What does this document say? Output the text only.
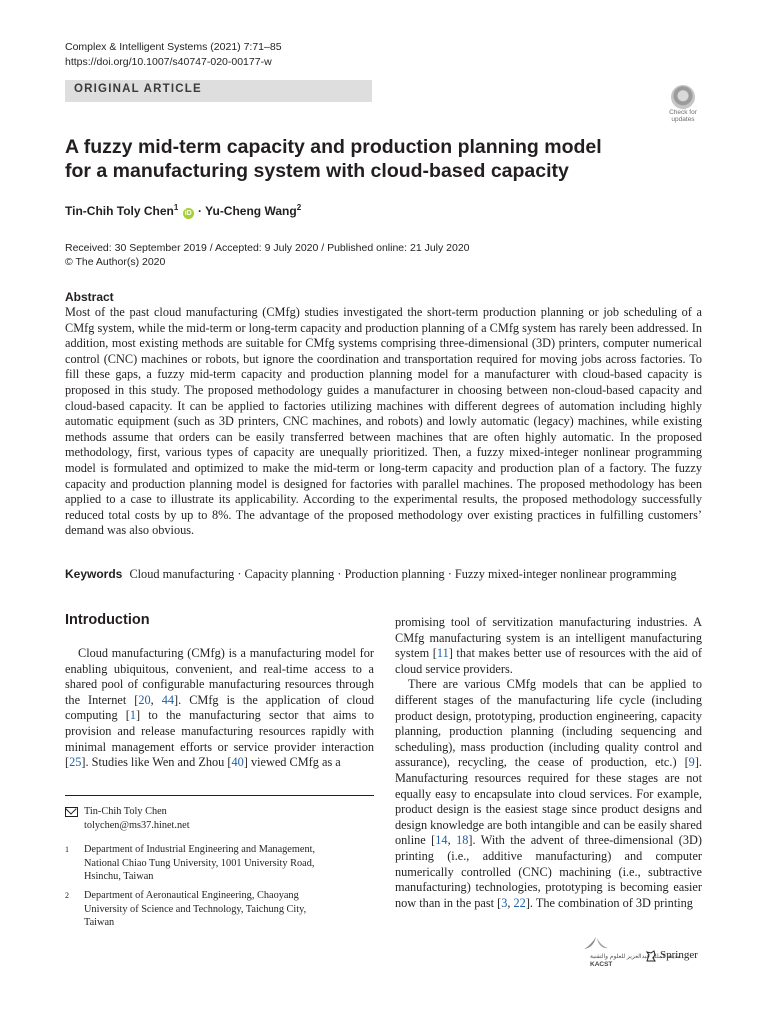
Complex & Intelligent Systems (2021) 7:71–85
https://doi.org/10.1007/s40747-020-00177-w
ORIGINAL ARTICLE
Check for updates
A fuzzy mid-term capacity and production planning model for a manufacturing system with cloud-based capacity
Tin-Chih Toly Chen$^1$ iD · Yu-Cheng Wang$^2$
Received: 30 September 2019 / Accepted: 9 July 2020 / Published online: 21 July 2020
© The Author(s) 2020
Abstract
Most of the past cloud manufacturing (CMfg) studies investigated the short-term production planning or job scheduling of a CMfg system, while the mid-term or long-term capacity and production planning of a CMfg system has rarely been addressed. In addition, most existing methods are suitable for CMfg systems comprising three-dimensional (3D) printers, computer numerical control (CNC) machines or robots, but ignore the coordination and transportation required for moving jobs across factories. To fill these gaps, a fuzzy mid-term capacity and production planning model for a manufacturer with cloud-based capacity is proposed in this study. The proposed methodology guides a manufacturer in choosing between non-cloud-based capacity and cloud-based capacity. It can be applied to factories utilizing machines with different degrees of automation including highly automatic equipment (such as 3D printers, CNC machines, and robots) and lowly automatic (legacy) machines, while existing methods assume that orders can be easily transferred between machines that are often highly automatic. In the proposed methodology, first, various types of capacity are unequally prioritized. Then, a fuzzy mixed-integer nonlinear programming model is formulated and optimized to make the mid-term or long-term capacity and production plan of a factory. The fuzzy capacity and production planning model is designed for factories with parallel machines. The proposed methodology has been applied to a case to illustrate its applicability. According to the experimental results, the proposed methodology successfully reduced total costs by up to 8%. The advantage of the proposed methodology over existing practices in fulfilling customers’ demand was also obvious.
Keywords Cloud manufacturing · Capacity planning · Production planning · Fuzzy mixed-integer nonlinear programming
Introduction

Cloud manufacturing (CMfg) is a manufacturing model for enabling ubiquitous, convenient, and real-time access to a shared pool of configurable manufacturing resources through the Internet [20, 44]. CMfg is the application of cloud computing [1] to the manufacturing sector that aims to provision and release manufacturing resources rapidly with minimal management efforts or service provider interaction [25]. Studies like Wen and Zhou [40] viewed CMfg as a

promising tool of servitization manufacturing industries. A CMfg manufacturing system is an intelligent manufacturing system [11] that makes better use of resources with the aid of cloud service providers.

There are various CMfg models that can be applied to different stages of the manufacturing life cycle (including product design, prototyping, production engineering, capacity planning, production planning (including sequencing and scheduling), mass production (including quality control and assurance), recycling, the cease of production, etc.) [9]. Manufacturing resources required for these stages are not equally easy to encapsulate into cloud services. For example, product design is the easiest stage since product designs and design knowledge are both intangible and can be easily shared online [14, 18]. With the advent of three-dimensional (3D) printing (i.e., additive manufacturing) and computer numerically controlled (CNC) machining (i.e., subtractive manufacturing) technologies, prototyping is becoming easier now than in the past [3, 22]. The combination of 3D printing

Tin-Chih Toly Chen
tolychen@ms37.hinet.net
1 Department of Industrial Engineering and Management,
National Chiao Tung University, 1001 University Road,
Hsinchu, Taiwan
2 Department of Aeronautical Engineering, Chaoyang
University of Science and Technology, Taichung City,
Taiwan
مدينة الملك عبدالعزيز للعلوم والتقنية
KACST
Springer
